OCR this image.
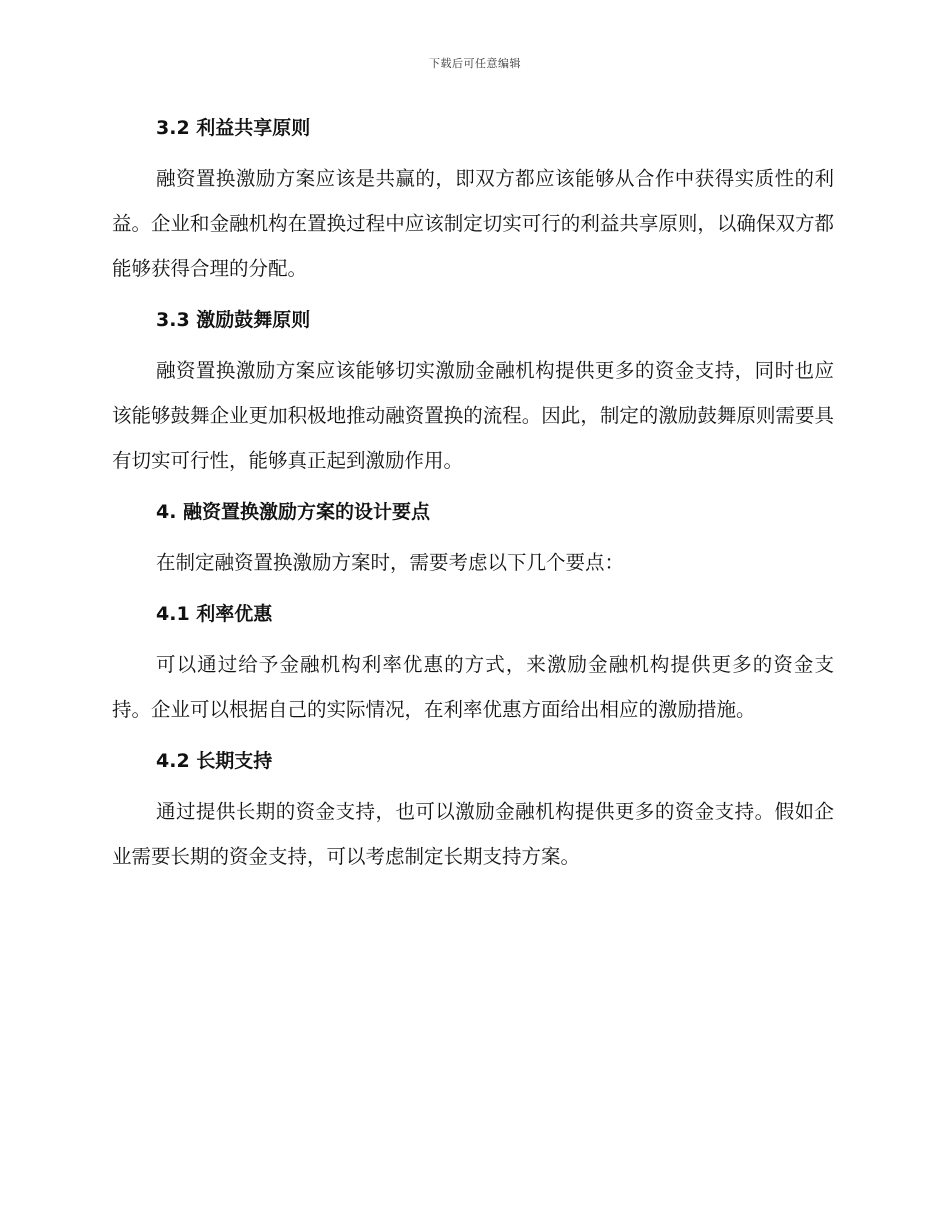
下载后可任意编辑
3.2 利益共享原则

融资置换激励方案应该是共赢的，即双方都应该能够从合作中获得实质性的利益。企业和金融机构在置换过程中应该制定切实可行的利益共享原则，以确保双方都能够获得合理的分配。

3.3 激励鼓舞原则

融资置换激励方案应该能够切实激励金融机构提供更多的资金支持，同时也应该能够鼓舞企业更加积极地推动融资置换的流程。因此，制定的激励鼓舞原则需要具有切实可行性，能够真正起到激励作用。

4. 融资置换激励方案的设计要点

在制定融资置换激励方案时，需要考虑以下几个要点：

4.1 利率优惠

可以通过给予金融机构利率优惠的方式，来激励金融机构提供更多的资金支持。企业可以根据自己的实际情况，在利率优惠方面给出相应的激励措施。

4.2 长期支持

通过提供长期的资金支持，也可以激励金融机构提供更多的资金支持。假如企业需要长期的资金支持，可以考虑制定长期支持方案。
